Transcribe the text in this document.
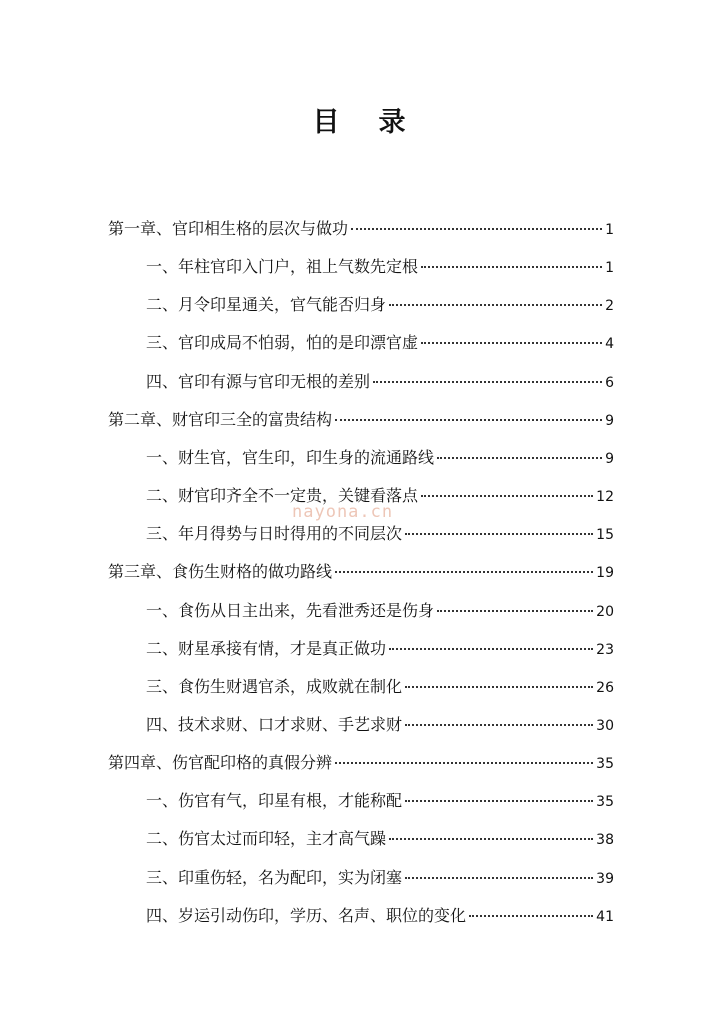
目　录
第一章、官印相生格的层次与做功	1
一、年柱官印入门户，祖上气数先定根	1
二、月令印星通关，官气能否归身	2
三、官印成局不怕弱，怕的是印漂官虚	4
四、官印有源与官印无根的差别	6
第二章、财官印三全的富贵结构	9
一、财生官，官生印，印生身的流通路线	9
二、财官印齐全不一定贵，关键看落点	12
三、年月得势与日时得用的不同层次	15
第三章、食伤生财格的做功路线	19
一、食伤从日主出来，先看泄秀还是伤身	20
二、财星承接有情，才是真正做功	23
三、食伤生财遇官杀，成败就在制化	26
四、技术求财、口才求财、手艺求财	30
第四章、伤官配印格的真假分辨	35
一、伤官有气，印星有根，才能称配	35
二、伤官太过而印轻，主才高气躁	38
三、印重伤轻，名为配印，实为闭塞	39
四、岁运引动伤印，学历、名声、职位的变化	41
nayona.cn
